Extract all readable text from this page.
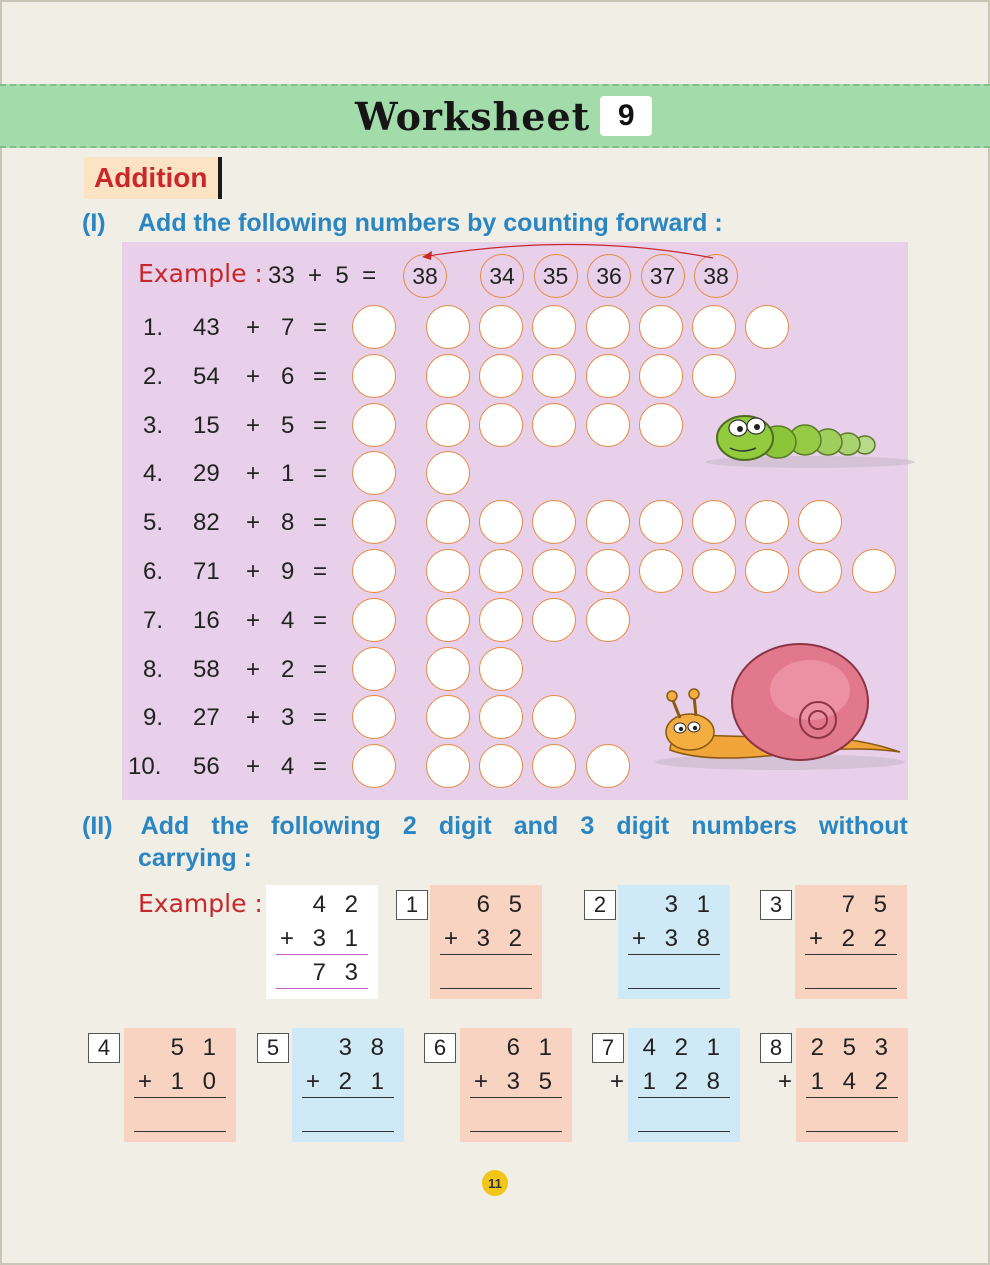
Worksheet 9
Addition
(I) Add the following numbers by counting forward :
Example : 33  +  5  =	38	34	35	36	37	38
1. 43 + 7 =
2. 54 + 6 =
3. 15 + 5 =
4. 29 + 1 =
5. 82 + 8 =
6. 71 + 9 =
7. 16 + 4 =
8. 58 + 2 =
9. 27 + 3 =
10. 56 + 4 =
(II) Add the following 2 digit and 3 digit numbers without
carrying :
Example : 4 2
+ 3 1
7 3
1	6 5
+ 3 2
2	3 1
+ 3 8
3	7 5
+ 2 2
4	5 1
+ 1 0
5	3 8
+ 2 1
6	6 1
+ 3 5
7	4 2 1
+ 1 2 8
8	2 5 3
+ 1 4 2
11
